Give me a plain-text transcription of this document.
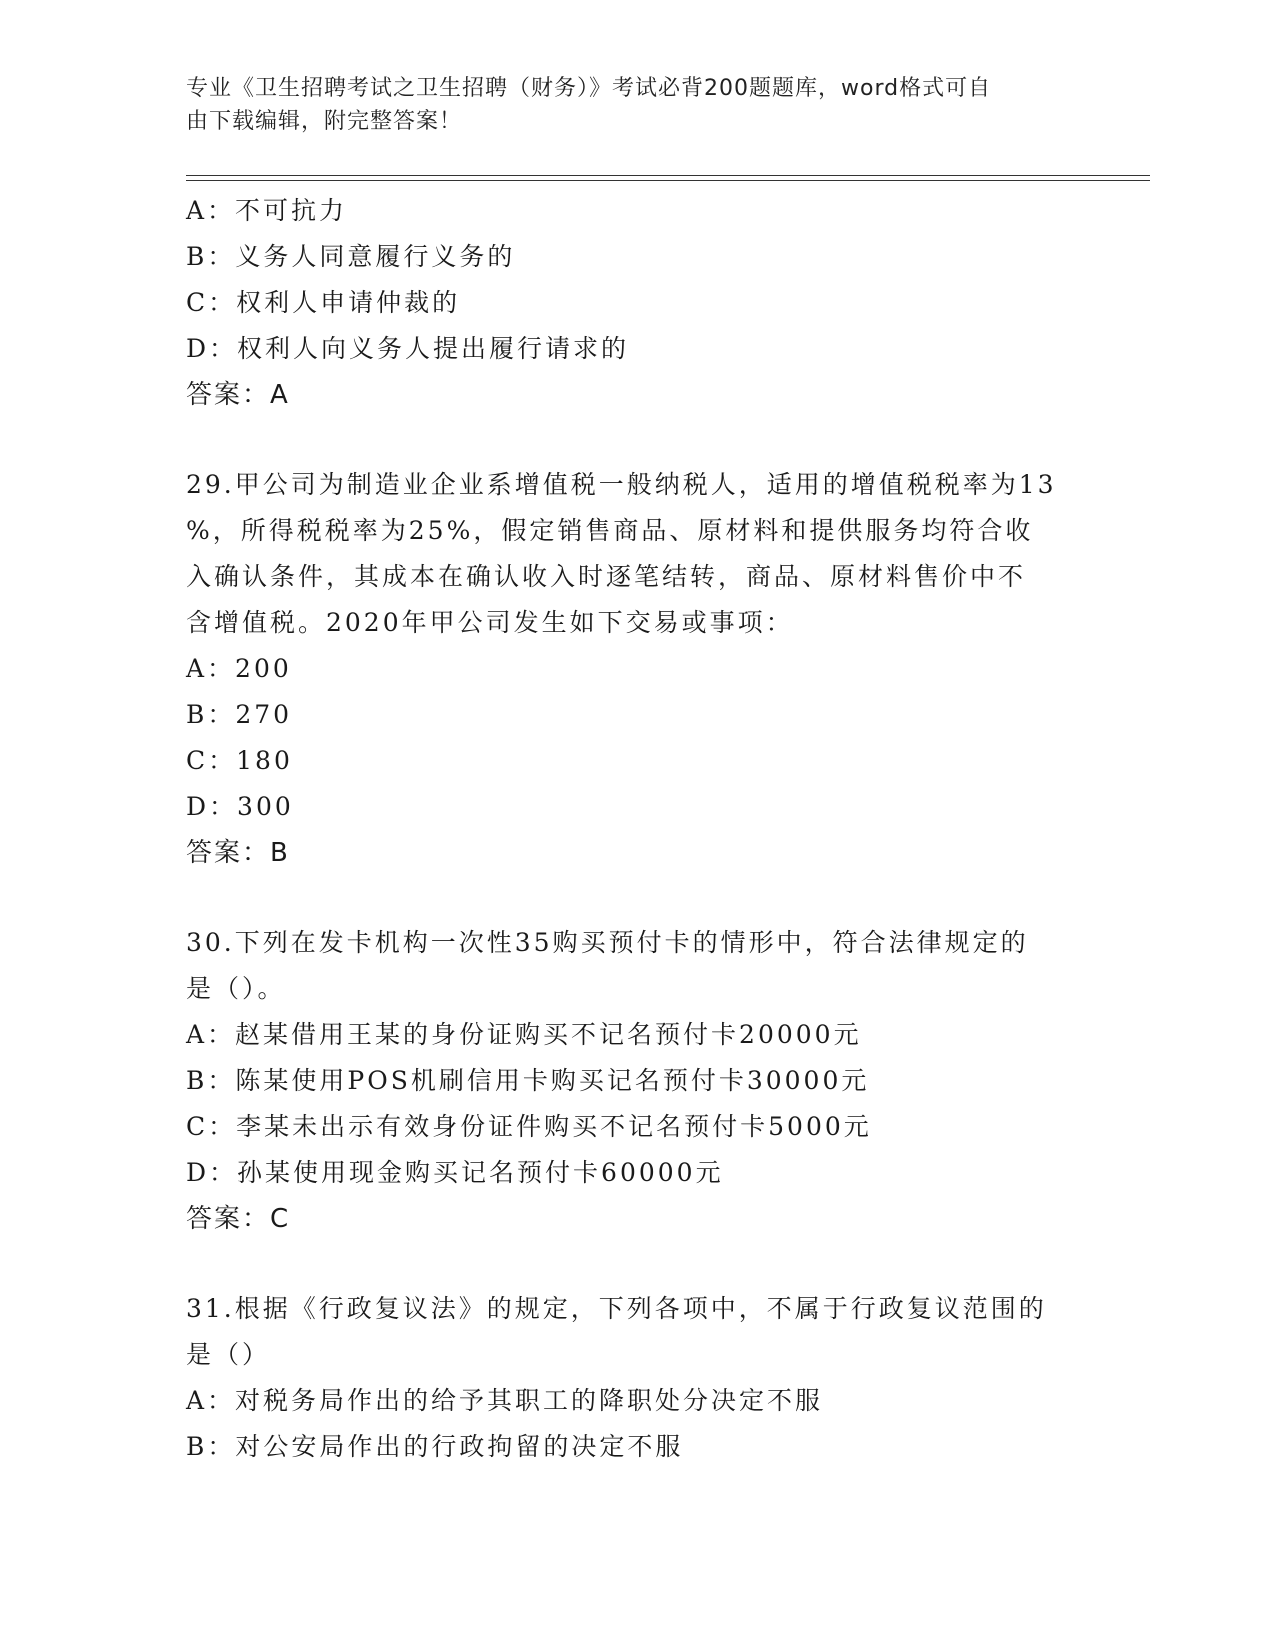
专业《卫生招聘考试之卫生招聘（财务）》考试必背200题题库，word格式可自
由下载编辑，附完整答案！
A：不可抗力
B：义务人同意履行义务的
C：权利人申请仲裁的
D：权利人向义务人提出履行请求的
答案：A
29.甲公司为制造业企业系增值税一般纳税人，适用的增值税税率为13
%，所得税税率为25%，假定销售商品、原材料和提供服务均符合收
入确认条件，其成本在确认收入时逐笔结转，商品、原材料售价中不
含增值税。2020年甲公司发生如下交易或事项：
A：200
B：270
C：180
D：300
答案：B
30.下列在发卡机构一次性35购买预付卡的情形中，符合法律规定的
是（）。
A：赵某借用王某的身份证购买不记名预付卡20000元
B：陈某使用POS机刷信用卡购买记名预付卡30000元
C：李某未出示有效身份证件购买不记名预付卡5000元
D：孙某使用现金购买记名预付卡60000元
答案：C
31.根据《行政复议法》的规定，下列各项中，不属于行政复议范围的
是（）
A：对税务局作出的给予其职工的降职处分决定不服
B：对公安局作出的行政拘留的决定不服
